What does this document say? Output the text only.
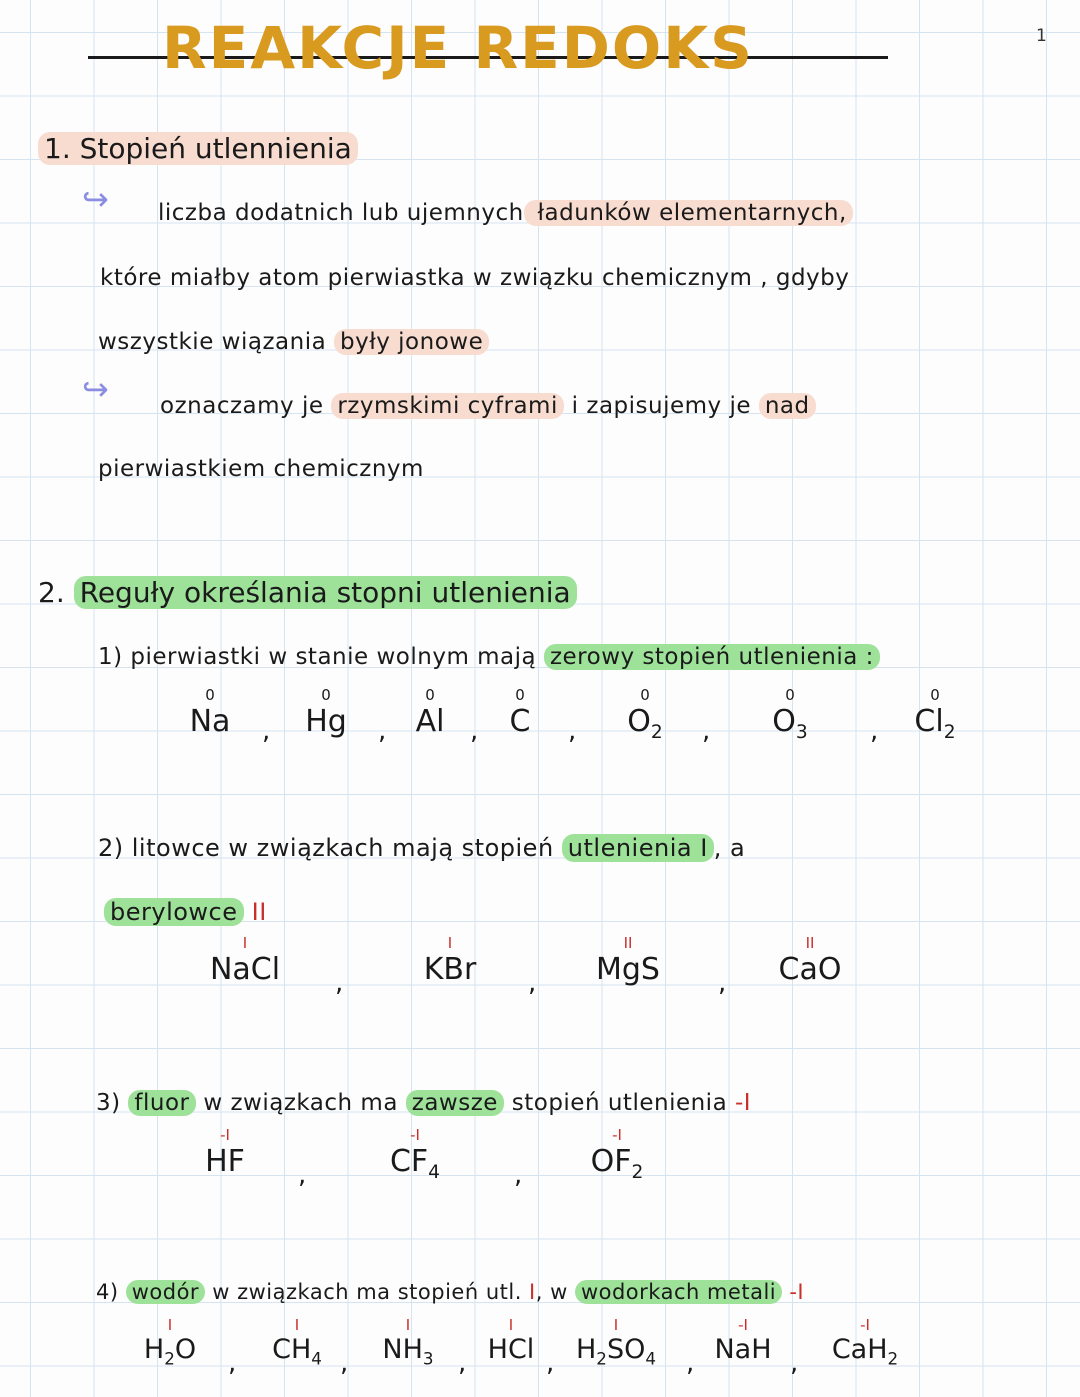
1
REAKCJE REDOKS
1. Stopień utlennienia
↪ liczba dodatnich lub ujemnych ładunków elementarnych,
które miałby atom pierwiastka w związku chemicznym , gdyby
wszystkie wiązania były jonowe
↪ oznaczamy je rzymskimi cyframi i zapisujemy je nad
pierwiastkiem chemicznym
2. Reguły określania stopni utlenienia
1) pierwiastki w stanie wolnym mają zerowy stopień utlenienia :
0
Na	,
0
Hg	,
0
Al ,
0
C	,
0
$O_2$	,
0
$O_3$	,
0
$Cl_2$
2) litowce w związkach mają stopień utlenienia I , a
berylowce II
I
NaCl	,
I
KBr	,
II
MgS	,
II
CaO
3) fluor w związkach ma zawsze stopień utlenienia -I
-I
HF	,
-I
$CF_4$	,
-I
$OF_2$
4) wodór w związkach ma stopień utl. I, w wodorkach metali -I
I
$H_2O$	,
I
$CH_4$ ,
I
$NH_3$ ,
I
HCl ,
I
$H_2SO_4$	,
-I
NaH ,
-I
CaH$_2$
